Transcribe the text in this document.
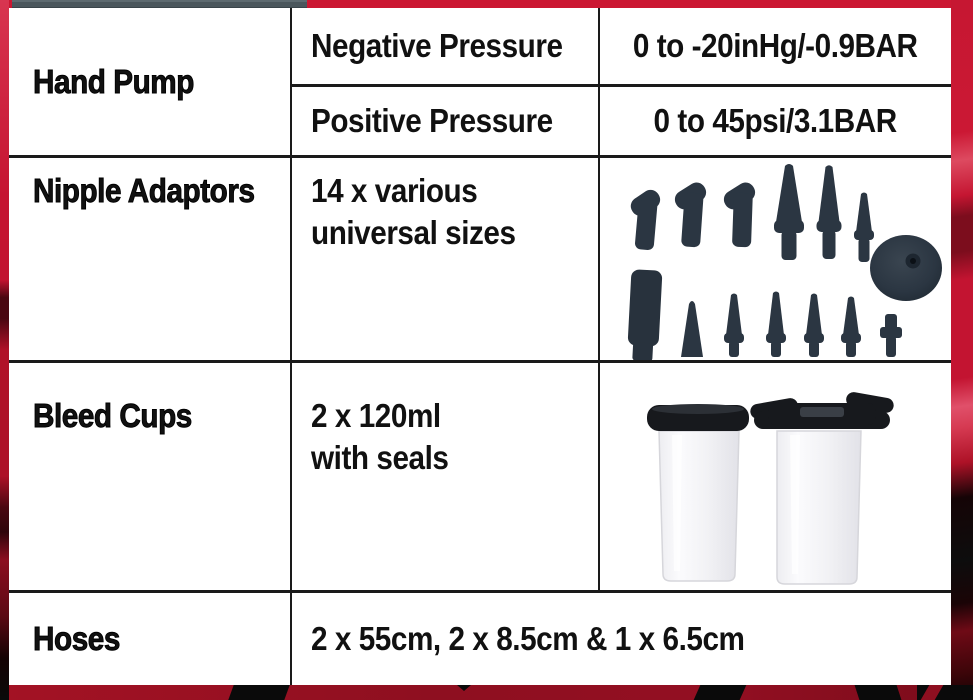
Hand Pump
Negative Pressure 0 to -20inHg/-0.9BAR
Positive Pressure	0 to 45psi/3.1BAR
Nipple Adaptors	14 x various
universal sizes
Bleed Cups	2 x 120ml
with seals
Hoses	2 x 55cm, 2 x 8.5cm & 1 x 6.5cm
